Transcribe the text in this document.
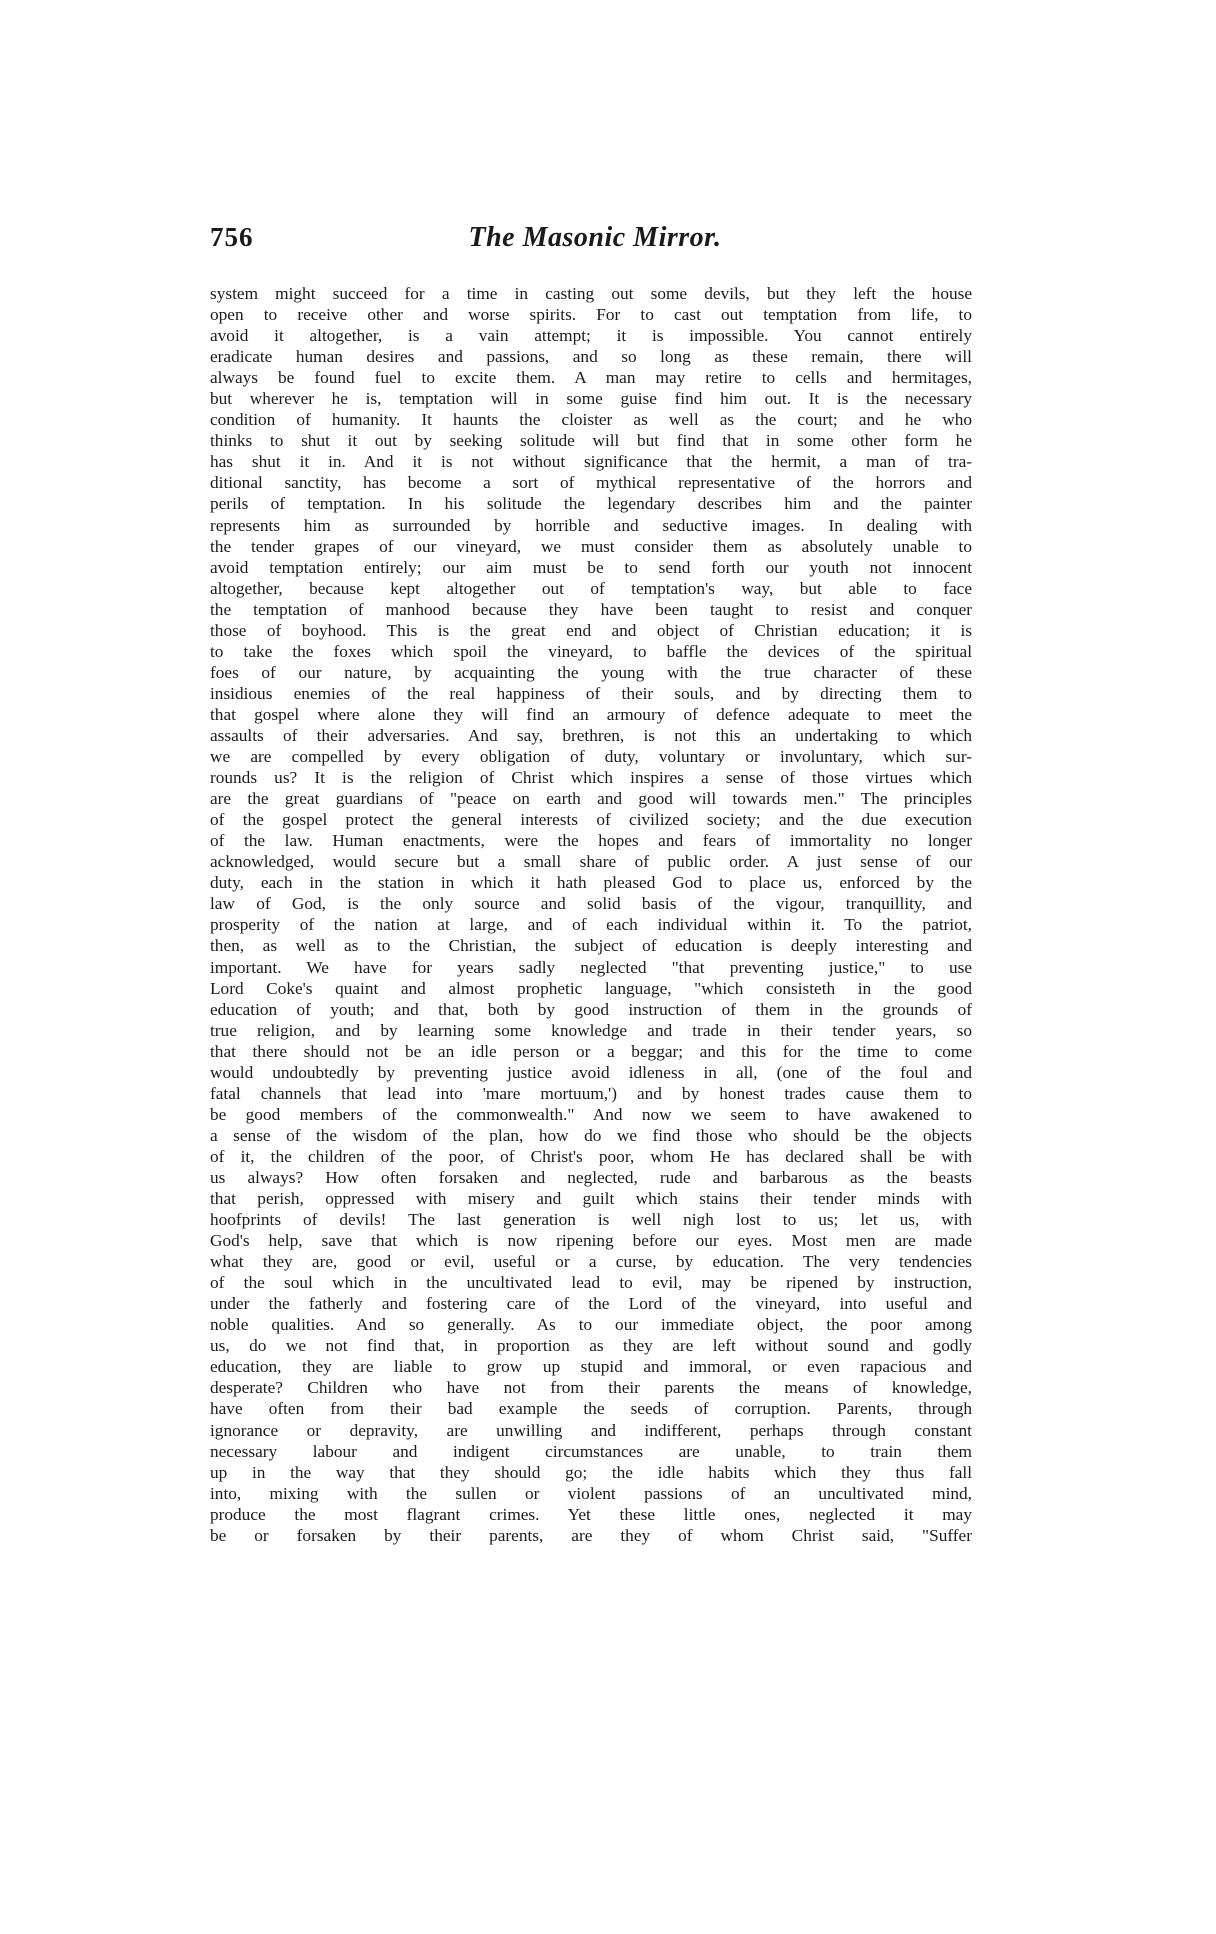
756	The Masonic Mirror.
system might succeed for a time in casting out some devils, but they left the house
open to receive other and worse spirits. For to cast out temptation from life, to
avoid it altogether, is a vain attempt; it is impossible. You cannot entirely
eradicate human desires and passions, and so long as these remain, there will
always be found fuel to excite them. A man may retire to cells and hermitages,
but wherever he is, temptation will in some guise find him out. It is the necessary
condition of humanity. It haunts the cloister as well as the court; and he who
thinks to shut it out by seeking solitude will but find that in some other form he
has shut it in. And it is not without significance that the hermit, a man of tra-
ditional sanctity, has become a sort of mythical representative of the horrors and
perils of temptation. In his solitude the legendary describes him and the painter
represents him as surrounded by horrible and seductive images. In dealing with
the tender grapes of our vineyard, we must consider them as absolutely unable to
avoid temptation entirely; our aim must be to send forth our youth not innocent
altogether, because kept altogether out of temptation's way, but able to face
the temptation of manhood because they have been taught to resist and conquer
those of boyhood. This is the great end and object of Christian education; it is
to take the foxes which spoil the vineyard, to baffle the devices of the spiritual
foes of our nature, by acquainting the young with the true character of these
insidious enemies of the real happiness of their souls, and by directing them to
that gospel where alone they will find an armoury of defence adequate to meet the
assaults of their adversaries. And say, brethren, is not this an undertaking to which
we are compelled by every obligation of duty, voluntary or involuntary, which sur-
rounds us? It is the religion of Christ which inspires a sense of those virtues which
are the great guardians of "peace on earth and good will towards men." The principles
of the gospel protect the general interests of civilized society; and the due execution
of the law. Human enactments, were the hopes and fears of immortality no longer
acknowledged, would secure but a small share of public order. A just sense of our
duty, each in the station in which it hath pleased God to place us, enforced by the
law of God, is the only source and solid basis of the vigour, tranquillity, and
prosperity of the nation at large, and of each individual within it. To the patriot,
then, as well as to the Christian, the subject of education is deeply interesting and
important. We have for years sadly neglected "that preventing justice," to use
Lord Coke's quaint and almost prophetic language, "which consisteth in the good
education of youth; and that, both by good instruction of them in the grounds of
true religion, and by learning some knowledge and trade in their tender years, so
that there should not be an idle person or a beggar; and this for the time to come
would undoubtedly by preventing justice avoid idleness in all, (one of the foul and
fatal channels that lead into 'mare mortuum,') and by honest trades cause them to
be good members of the commonwealth." And now we seem to have awakened to
a sense of the wisdom of the plan, how do we find those who should be the objects
of it, the children of the poor, of Christ's poor, whom He has declared shall be with
us always? How often forsaken and neglected, rude and barbarous as the beasts
that perish, oppressed with misery and guilt which stains their tender minds with
hoofprints of devils! The last generation is well nigh lost to us; let us, with
God's help, save that which is now ripening before our eyes. Most men are made
what they are, good or evil, useful or a curse, by education. The very tendencies
of the soul which in the uncultivated lead to evil, may be ripened by instruction,
under the fatherly and fostering care of the Lord of the vineyard, into useful and
noble qualities. And so generally. As to our immediate object, the poor among
us, do we not find that, in proportion as they are left without sound and godly
education, they are liable to grow up stupid and immoral, or even rapacious and
desperate? Children who have not from their parents the means of knowledge,
have often from their bad example the seeds of corruption. Parents, through
ignorance or depravity, are unwilling and indifferent, perhaps through constant
necessary labour and indigent circumstances are unable, to train them
up in the way that they should go; the idle habits which they thus fall
into, mixing with the sullen or violent passions of an uncultivated mind,
produce the most flagrant crimes. Yet these little ones, neglected it may
be or forsaken by their parents, are they of whom Christ said, "Suffer
